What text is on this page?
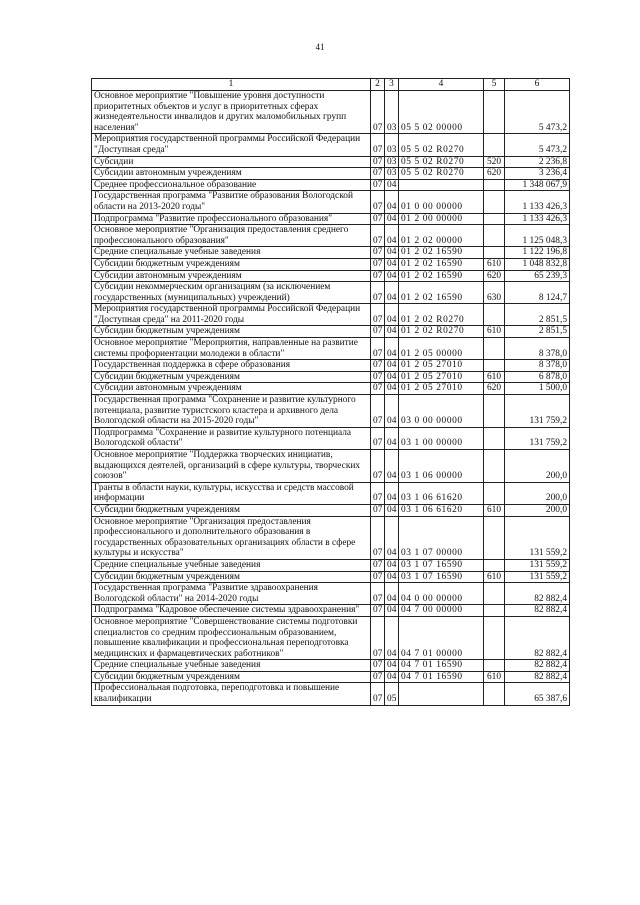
41
1	2	3	4	5	6
Основное мероприятие "Повышение уровня доступности приоритетных объектов и услуг в приоритетных сферах жизнедеятельности инвалидов и других маломобильных групп населения"	07	03	05 5 02 00000		5 473,2
Мероприятия государственной программы Российской Федерации "Доступная среда"	07	03	05 5 02 R0270		5 473,2
Субсидии	07	03	05 5 02 R0270	520	2 236,8
Субсидии автономным учреждениям	07	03	05 5 02 R0270	620	3 236,4
Среднее профессиональное образование	07	04			1 348 067,9
Государственная программа "Развитие образования Вологодской области на 2013-2020 годы"	07	04	01 0 00 00000		1 133 426,3
Подпрограмма "Развитие профессионального образования"	07	04	01 2 00 00000		1 133 426,3
Основное мероприятие "Организация предоставления среднего профессионального образования"	07	04	01 2 02 00000		1 125 048,3
Средние специальные учебные заведения	07	04	01 2 02 16590		1 122 196,8
Субсидии бюджетным учреждениям	07	04	01 2 02 16590	610	1 048 832,8
Субсидии автономным учреждениям	07	04	01 2 02 16590	620	65 239,3
Субсидии некоммерческим организациям (за исключением государственных (муниципальных) учреждений)	07	04	01 2 02 16590	630	8 124,7
Мероприятия государственной программы Российской Федерации "Доступная среда" на 2011-2020 годы	07	04	01 2 02 R0270		2 851,5
Субсидии бюджетным учреждениям	07	04	01 2 02 R0270	610	2 851,5
Основное мероприятие "Мероприятия, направленные на развитие системы профориентации молодежи в области"	07	04	01 2 05 00000		8 378,0
Государственная поддержка в сфере образования	07	04	01 2 05 27010		8 378,0
Субсидии бюджетным учреждениям	07	04	01 2 05 27010	610	6 878,0
Субсидии автономным учреждениям	07	04	01 2 05 27010	620	1 500,0
Государственная программа "Сохранение и развитие культурного потенциала, развитие туристского кластера и архивного дела Вологодской области на 2015-2020 годы"	07	04	03 0 00 00000		131 759,2
Подпрограмма "Сохранение и развитие культурного потенциала Вологодской области"	07	04	03 1 00 00000		131 759,2
Основное мероприятие "Поддержка творческих инициатив, выдающихся деятелей, организаций в сфере культуры, творческих союзов"	07	04	03 1 06 00000		200,0
Гранты в области науки, культуры, искусства и средств массовой информации	07	04	03 1 06 61620		200,0
Субсидии бюджетным учреждениям	07	04	03 1 06 61620	610	200,0
Основное мероприятие "Организация предоставления профессионального и дополнительного образования в государственных образовательных организациях области в сфере культуры и искусства"	07	04	03 1 07 00000		131 559,2
Средние специальные учебные заведения	07	04	03 1 07 16590		131 559,2
Субсидии бюджетным учреждениям	07	04	03 1 07 16590	610	131 559,2
Государственная программа "Развитие здравоохранения Вологодской области" на 2014-2020 годы	07	04	04 0 00 00000		82 882,4
Подпрограмма "Кадровое обеспечение системы здравоохранения"	07	04	04 7 00 00000		82 882,4
Основное мероприятие "Совершенствование системы подготовки специалистов со средним профессиональным образованием, повышение квалификации и профессиональная переподготовка медицинских и фармацевтических работников"	07	04	04 7 01 00000		82 882,4
Средние специальные учебные заведения	07	04	04 7 01 16590		82 882,4
Субсидии бюджетным учреждениям	07	04	04 7 01 16590	610	82 882,4
Профессиональная подготовка, переподготовка и повышение квалификации	07	05			65 387,6
